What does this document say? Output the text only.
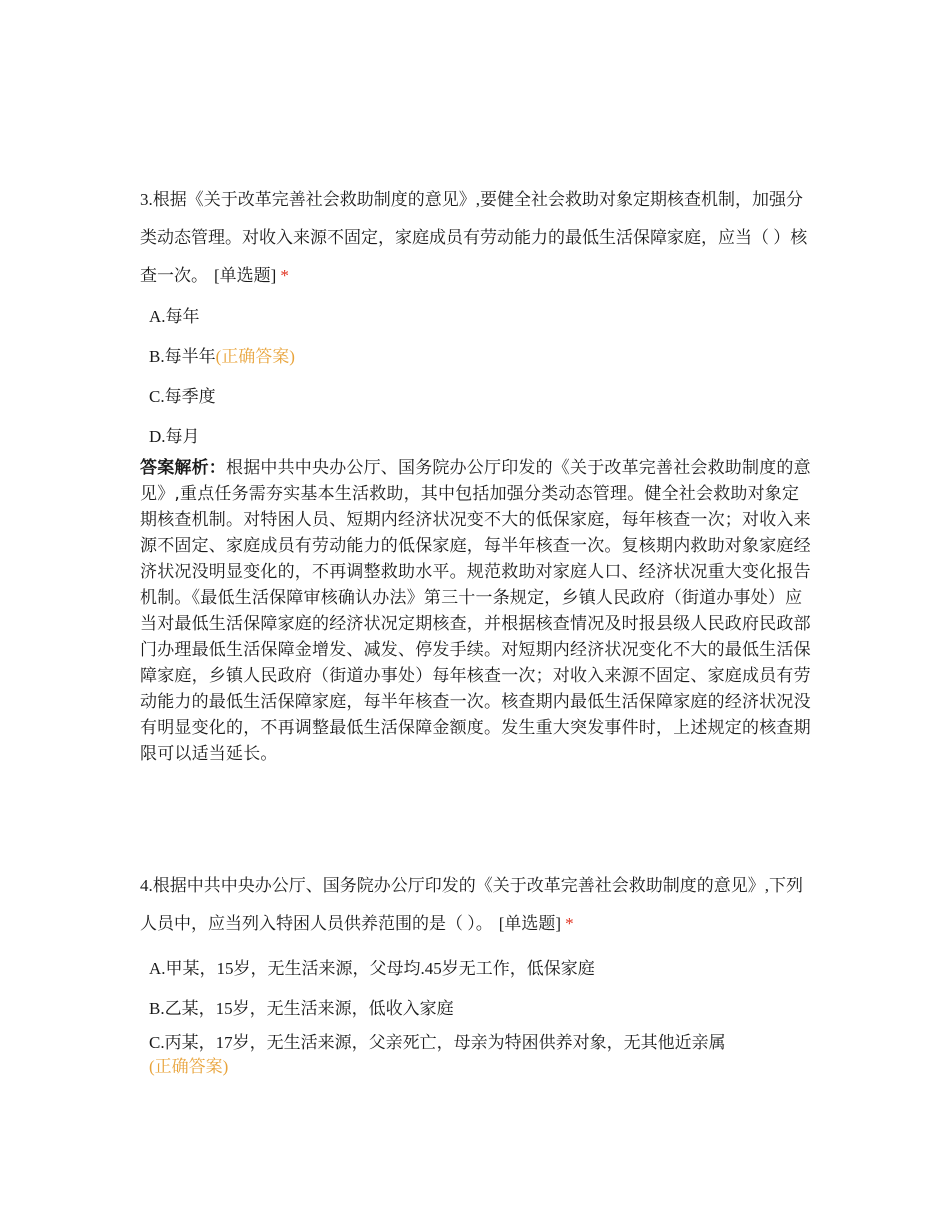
3.根据《关于改革完善社会救助制度的意见》,要健全社会救助对象定期核查机制，加强分类动态管理。对收入来源不固定，家庭成员有劳动能力的最低生活保障家庭，应当（ ）核查一次。 [单选题] *

A.每年
B.每半年(正确答案)
C.每季度
D.每月

答案解析：根据中共中央办公厅、国务院办公厅印发的《关于改革完善社会救助制度的意见》,重点任务需夯实基本生活救助，其中包括加强分类动态管理。健全社会救助对象定期核查机制。对特困人员、短期内经济状况变不大的低保家庭，每年核查一次；对收入来源不固定、家庭成员有劳动能力的低保家庭，每半年核查一次。复核期内救助对象家庭经济状况没明显变化的，不再调整救助水平。规范救助对家庭人口、经济状况重大变化报告机制。《最低生活保障审核确认办法》第三十一条规定，乡镇人民政府（街道办事处）应当对最低生活保障家庭的经济状况定期核查，并根据核查情况及时报县级人民政府民政部门办理最低生活保障金增发、减发、停发手续。对短期内经济状况变化不大的最低生活保障家庭，乡镇人民政府（街道办事处）每年核查一次；对收入来源不固定、家庭成员有劳动能力的最低生活保障家庭，每半年核查一次。核查期内最低生活保障家庭的经济状况没有明显变化的，不再调整最低生活保障金额度。发生重大突发事件时，上述规定的核查期限可以适当延长。

4.根据中共中央办公厅、国务院办公厅印发的《关于改革完善社会救助制度的意见》,下列人员中，应当列入特困人员供养范围的是（ ）。 [单选题] *

A.甲某，15岁，无生活来源，父母均.45岁无工作，低保家庭
B.乙某，15岁，无生活来源，低收入家庭
C.丙某，17岁，无生活来源，父亲死亡，母亲为特困供养对象，无其他近亲属
(正确答案)
